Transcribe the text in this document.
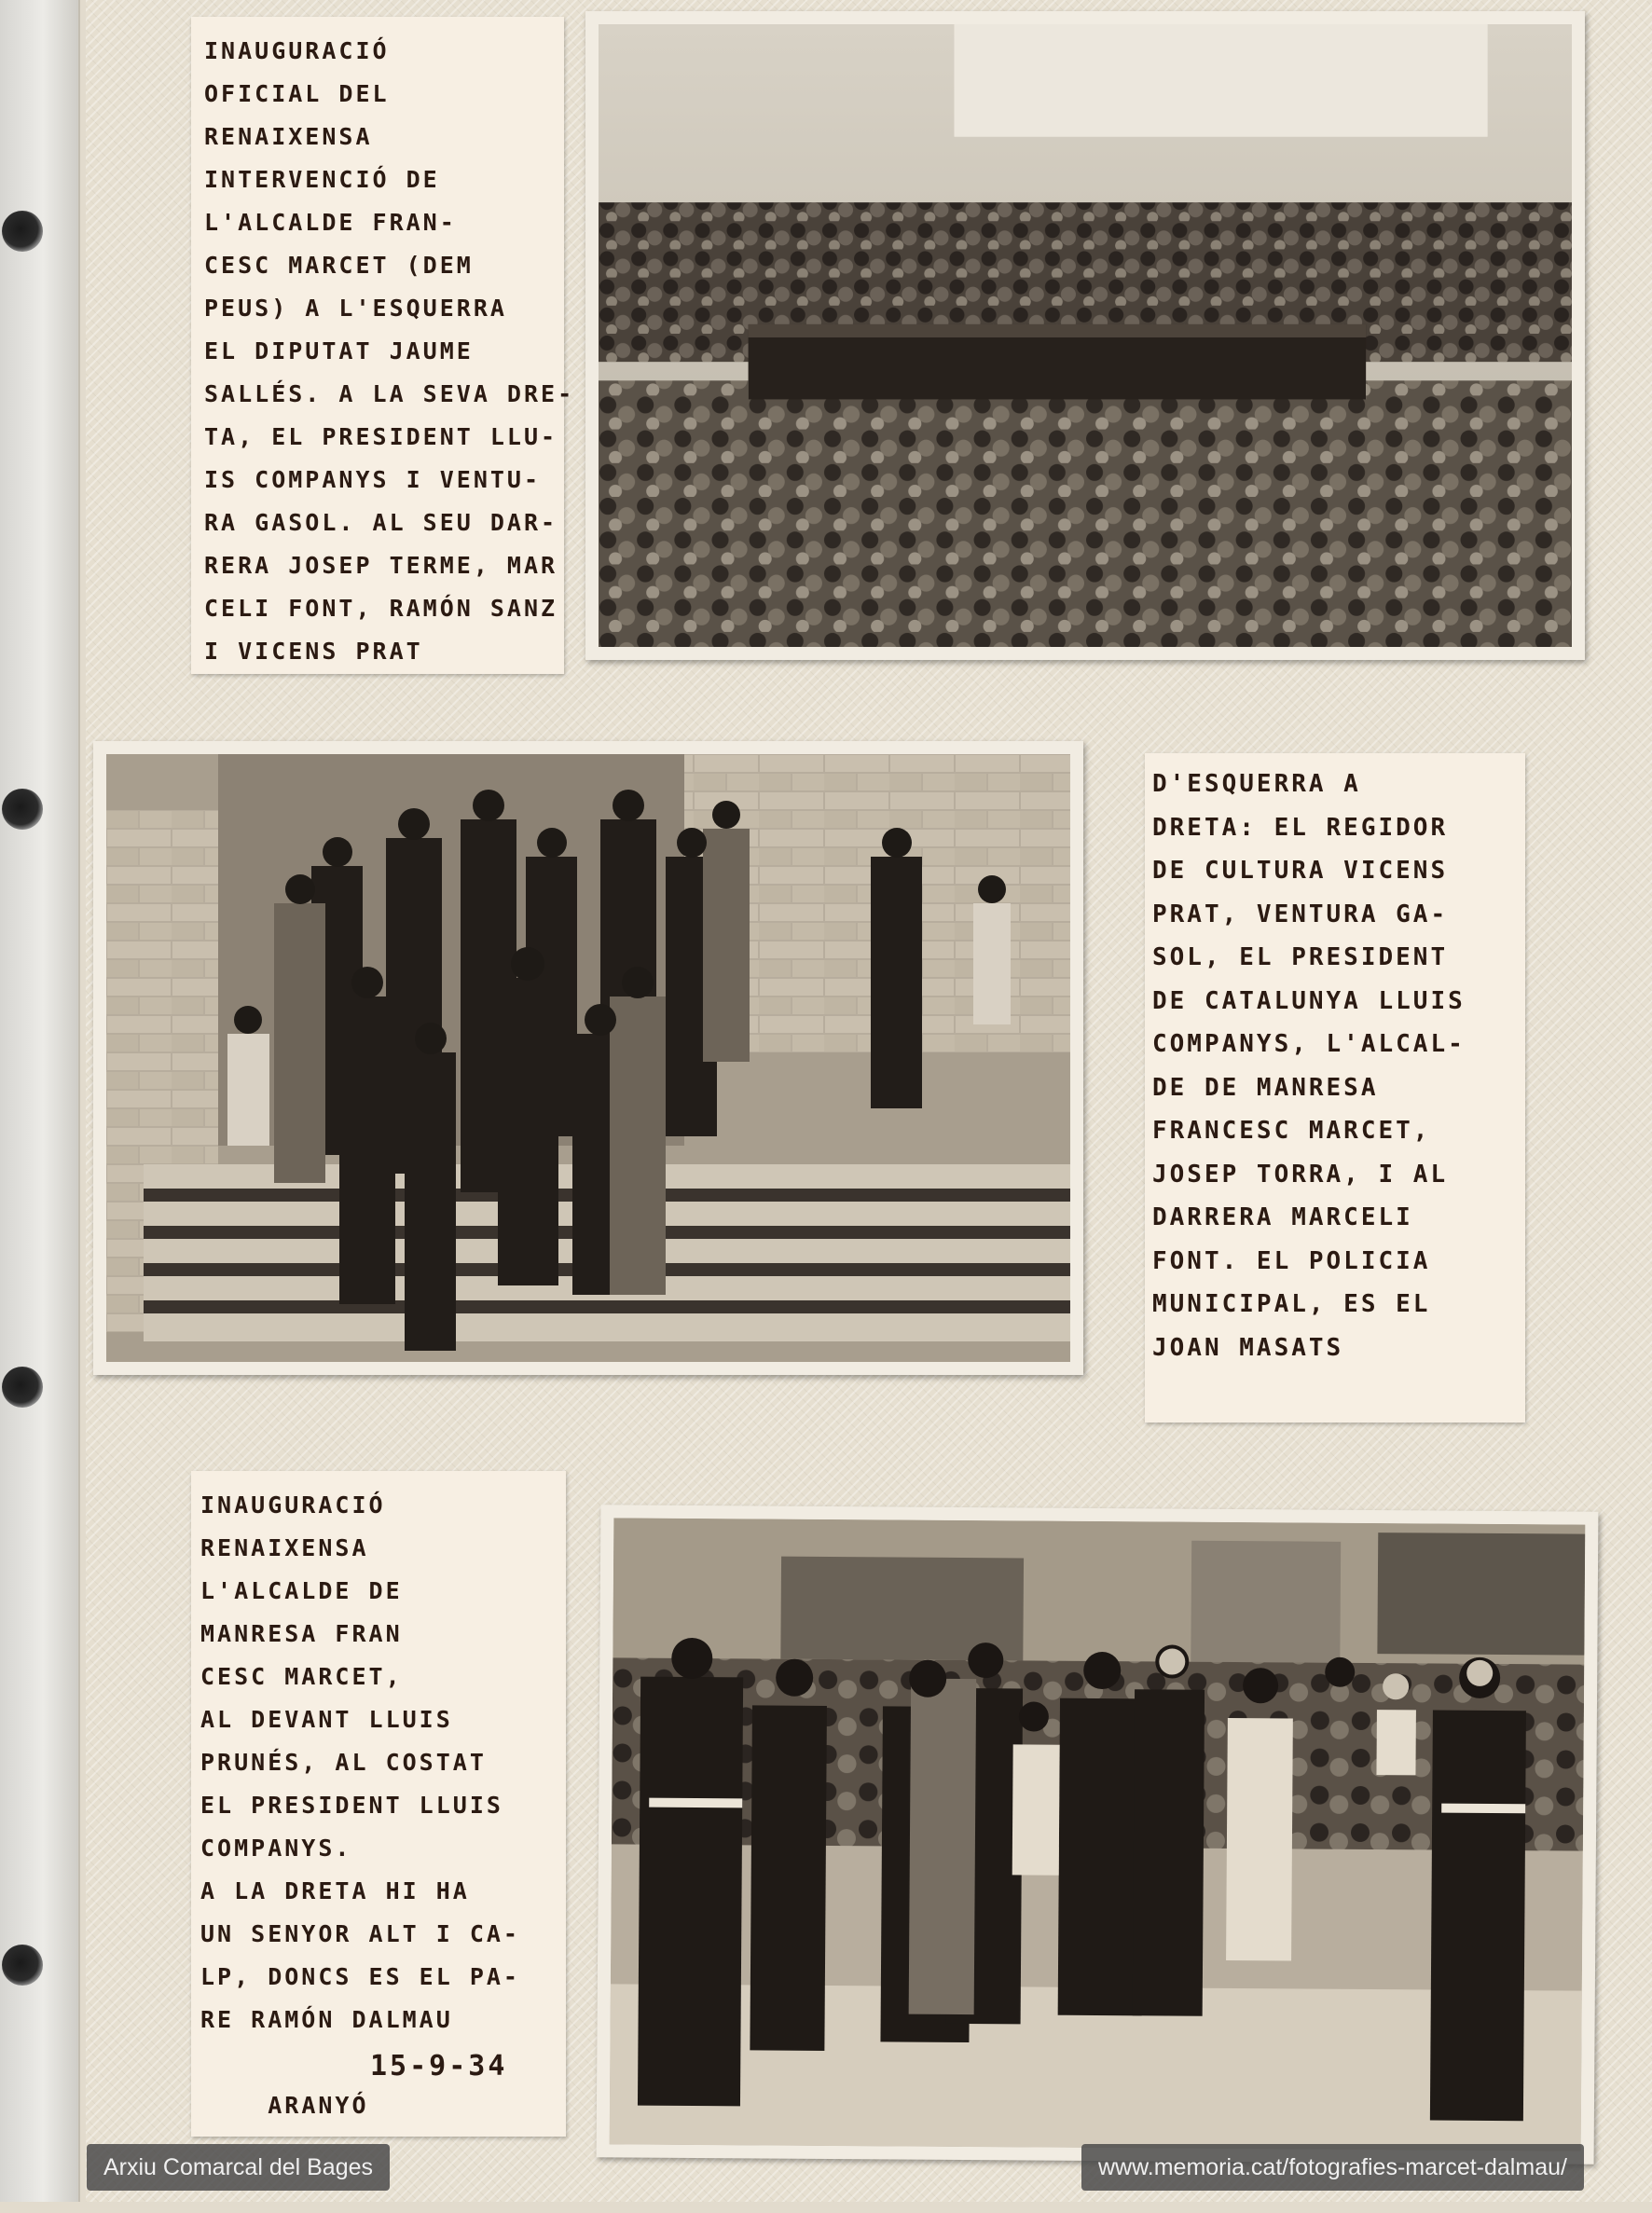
INAUGURACIÓ
OFICIAL DEL
RENAIXENSA
INTERVENCIÓ DE
L'ALCALDE FRAN-
CESC MARCET (DEM
PEUS) A L'ESQUERRA
EL DIPUTAT JAUME
SALLÉS. A LA SEVA DRE-
TA, EL PRESIDENT LLU-
IS COMPANYS I VENTU-
RA GASOL. AL SEU DAR-
RERA JOSEP TERME, MAR
CELI FONT, RAMÓN SANZ
I VICENS PRAT
D'ESQUERRA A
DRETA: EL REGIDOR
DE CULTURA VICENS
PRAT, VENTURA GA-
SOL, EL PRESIDENT
DE CATALUNYA LLUIS
COMPANYS, L'ALCAL-
DE DE MANRESA
FRANCESC MARCET,
JOSEP TORRA, I AL
DARRERA MARCELI
FONT. EL POLICIA
MUNICIPAL, ES EL
JOAN MASATS
INAUGURACIÓ
RENAIXENSA
L'ALCALDE DE
MANRESA FRAN
CESC MARCET,
AL DEVANT LLUIS
PRUNÉS, AL COSTAT
EL PRESIDENT LLUIS
COMPANYS.
A LA DRETA HI HA
UN SENYOR ALT I CA-
LP, DONCS ES EL PA-
RE RAMÓN DALMAU

ARANYÓ

15-9-34

Arxiu Comarcal del Bages	www.memoria.cat/fotografies-marcet-dalmau/
